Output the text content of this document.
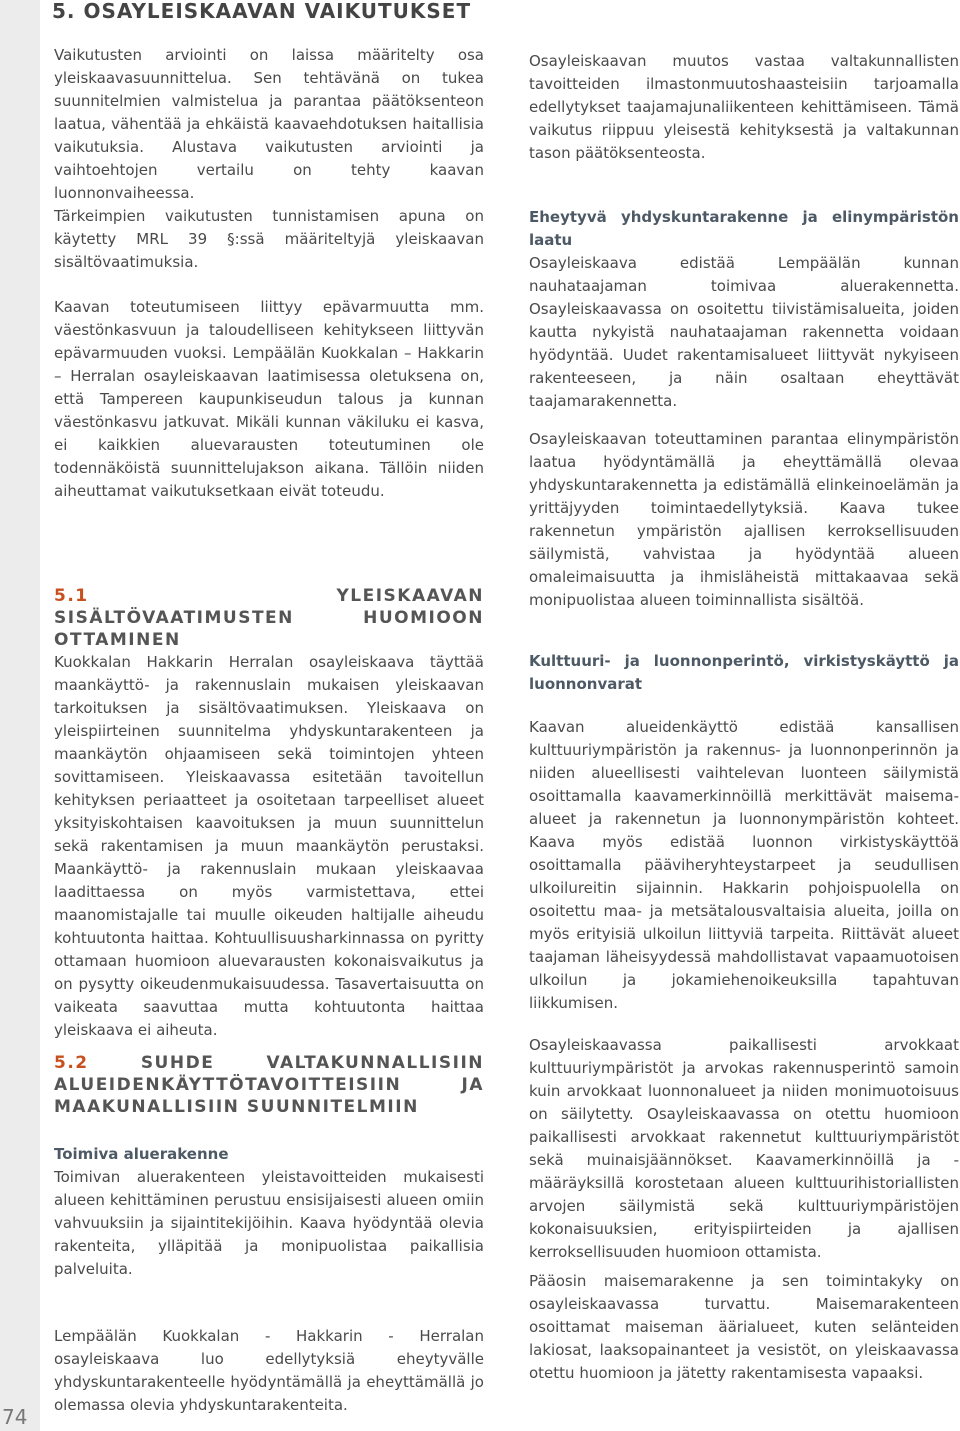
74
5. OSAYLEISKAAVAN VAIKUTUKSET

Vaikutusten arviointi on laissa määritelty osa yleiskaavasuunnittelua. Sen tehtävänä on tukea suunnitelmien valmistelua ja parantaa päätöksenteon laatua, vähentää ja ehkäistä kaavaehdotuksen haitallisia vaikutuksia. Alustava vaikutusten arviointi ja vaihtoehtojen vertailu on tehty kaavan luonnonvaiheessa.

Tärkeimpien vaikutusten tunnistamisen apuna on käytetty MRL 39 §:ssä määriteltyjä yleiskaavan sisältövaatimuksia.

Kaavan toteutumiseen liittyy epävarmuutta mm. väestönkasvuun ja taloudelliseen kehitykseen liittyvän epävarmuuden vuoksi. Lempäälän Kuokkalan – Hakkarin – Herralan osayleiskaavan laatimisessa oletuksena on, että Tampereen kaupunkiseudun talous ja kunnan väestönkasvu jatkuvat. Mikäli kunnan väkiluku ei kasva, ei kaikkien aluevarausten toteutuminen ole todennäköistä suunnittelujakson aikana. Tällöin niiden aiheuttamat vaikutuksetkaan eivät toteudu.

5.1	YLEISKAAVAN SISÄLTÖVAATIMUSTEN HUOMIOON OTTAMINEN

Kuokkalan Hakkarin Herralan osayleiskaava täyttää maankäyttö- ja rakennuslain mukaisen yleiskaavan tarkoituksen ja sisältövaatimuksen. Yleiskaava on yleispiirteinen suunnitelma yhdyskuntarakenteen ja maankäytön ohjaamiseen sekä toimintojen yhteen sovittamiseen. Yleiskaavassa esitetään tavoitellun kehityksen periaatteet ja osoitetaan tarpeelliset alueet yksityiskohtaisen kaavoituksen ja muun suunnittelun sekä rakentamisen ja muun maankäytön perustaksi. Maankäyttö- ja rakennuslain mukaan yleiskaavaa laadittaessa on myös varmistettava, ettei maanomistajalle tai muulle oikeuden haltijalle aiheudu kohtuutonta haittaa. Kohtuullisuusharkinnassa on pyritty ottamaan huomioon aluevarausten kokonaisvaikutus ja on pysytty oikeudenmukaisuudessa. Tasavertaisuutta on vaikeata saavuttaa mutta kohtuutonta haittaa yleiskaava ei aiheuta.

5.2	SUHDE VALTAKUNNALLISIIN ALUEIDENKÄYTTÖTAVOITTEISIIN JA MAAKUNALLISIIN SUUNNITELMIIN

Toimiva aluerakenne

Toimivan aluerakenteen yleistavoitteiden mukaisesti alueen kehittäminen perustuu ensisijaisesti alueen omiin vahvuuksiin ja sijaintitekijöihin. Kaava hyödyntää olevia rakenteita, ylläpitää ja monipuolistaa paikallisia palveluita.

Lempäälän Kuokkalan - Hakkarin - Herralan osayleiskaava luo edellytyksiä eheytyvälle yhdyskuntarakenteelle hyödyntämällä ja eheyttämällä jo olemassa olevia yhdyskuntarakenteita.

Osayleiskaavan muutos vastaa valtakunnallisten tavoitteiden ilmastonmuutoshaasteisiin tarjoamalla edellytykset taajamajunaliikenteen kehittämiseen. Tämä vaikutus riippuu yleisestä kehityksestä ja valtakunnan tason päätöksenteosta.

Eheytyvä yhdyskuntarakenne ja elinympäristön laatu

Osayleiskaava edistää Lempäälän kunnan nauhataajaman toimivaa aluerakennetta. Osayleiskaavassa on osoitettu tiivistämisalueita, joiden kautta nykyistä nauhataajaman rakennetta voidaan hyödyntää. Uudet rakentamisalueet liittyvät nykyiseen rakenteeseen, ja näin osaltaan eheyttävät taajamarakennetta.

Osayleiskaavan toteuttaminen parantaa elinympäristön laatua hyödyntämällä ja eheyttämällä olevaa yhdyskuntarakennetta ja edistämällä elinkeinoelämän ja yrittäjyyden toimintaedellytyksiä. Kaava tukee rakennetun ympäristön ajallisen kerroksellisuuden säilymistä, vahvistaa ja hyödyntää alueen omaleimaisuutta ja ihmisläheistä mittakaavaa sekä monipuolistaa alueen toiminnallista sisältöä.

Kulttuuri- ja luonnonperintö, virkistyskäyttö ja luonnonvarat

Kaavan alueidenkäyttö edistää kansallisen kulttuuriympäristön ja rakennus- ja luonnonperinnön ja niiden alueellisesti vaihtelevan luonteen säilymistä osoittamalla kaavamerkinnöillä merkittävät maisema-alueet ja rakennetun ja luonnonympäristön kohteet. Kaava myös edistää luonnon virkistyskäyttöä osoittamalla pääviheryhteystarpeet ja seudullisen ulkoilureitin sijainnin. Hakkarin pohjoispuolella on osoitettu maa- ja metsätalousvaltaisia alueita, joilla on myös erityisiä ulkoilun liittyviä tarpeita. Riittävät alueet taajaman läheisyydessä mahdollistavat vapaamuotoisen ulkoilun ja jokamiehenoikeuksilla tapahtuvan liikkumisen.

Osayleiskaavassa paikallisesti arvokkaat kulttuuriympäristöt ja arvokas rakennusperintö samoin kuin arvokkaat luonnonalueet ja niiden monimuotoisuus on säilytetty. Osayleiskaavassa on otettu huomioon paikallisesti arvokkaat rakennetut kulttuuriympäristöt sekä muinaisjäännökset. Kaavamerkinnöillä ja -määräyksillä korostetaan alueen kulttuurihistoriallisten arvojen säilymistä sekä kulttuuriympäristöjen kokonaisuuksien, erityispiirteiden ja ajallisen kerroksellisuuden huomioon ottamista.

Pääosin maisemarakenne ja sen toimintakyky on osayleiskaavassa turvattu. Maisemarakenteen osoittamat maiseman äärialueet, kuten selänteiden lakiosat, laaksopainanteet ja vesistöt, on yleiskaavassa otettu huomioon ja jätetty rakentamisesta vapaaksi.
